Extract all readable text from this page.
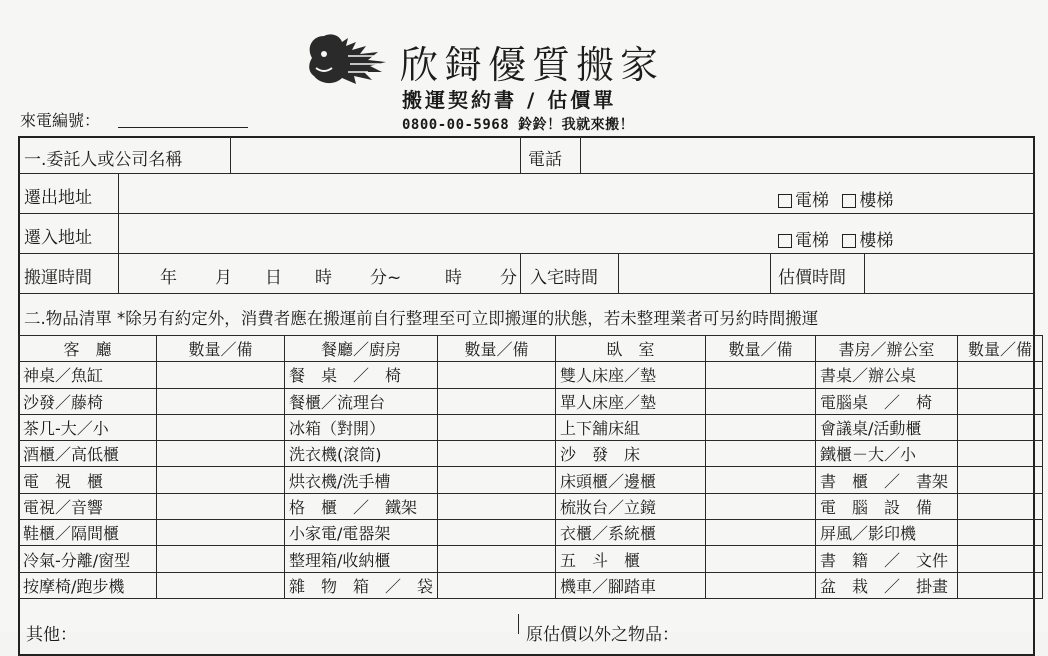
欣鎶優質搬家
搬運契約書 / 估價單
0800-00-5968 鈴鈴！我就來搬！
來電編號：
一.委託人或公司名稱	電話
遷出地址	電梯 樓梯
遷入地址	電梯 樓梯
搬運時間	年 月 日 時 分~	時 分 入宅時間	估價時間
二.物品清單 *除另有約定外，消費者應在搬運前自行整理至可立即搬運的狀態，若未整理業者可另約時間搬運
客　廳	數量／備	餐廳／廚房	數量／備	臥　室	數量／備	書房／辦公室	數量／備
神桌／魚缸		餐　桌　／　椅		雙人床座／墊		書桌／辦公桌	
沙發／藤椅		餐櫃／流理台		單人床座／墊		電腦桌　／　椅	
茶几-大／小		冰箱（對開）		上下舖床組		會議桌/活動櫃	
酒櫃／高低櫃		洗衣機(滾筒)		沙　發　床		鐵櫃－大／小	
電　視　櫃		烘衣機/洗手槽		床頭櫃／邊櫃		書　櫃　／　書架	
電視／音響		格　櫃　／　鐵架		梳妝台／立鏡		電　腦　設　備	
鞋櫃／隔間櫃		小家電/電器架		衣櫃／系統櫃		屏風／影印機	
冷氣-分離/窗型		整理箱/收納櫃		五　斗　櫃		書　籍　／　文件	
按摩椅/跑步機		雜　物　箱　／　袋		機車／腳踏車		盆　栽　／　掛畫	
其他：	原估價以外之物品：
